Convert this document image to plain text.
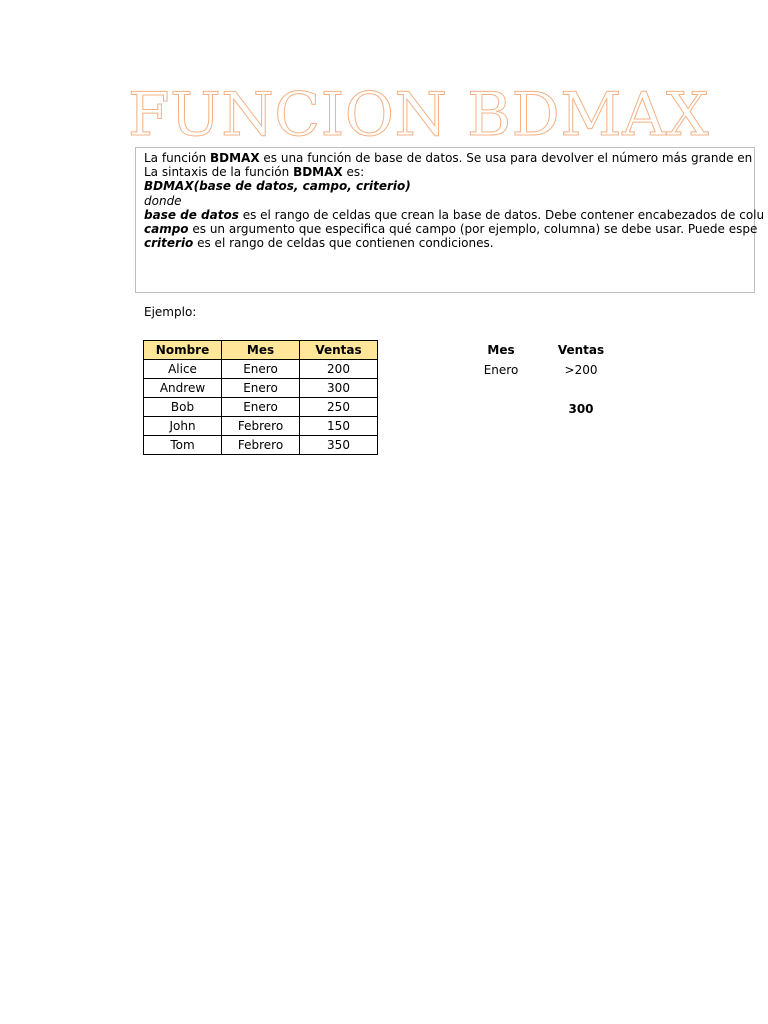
FUNCION BDMAX
La función BDMAX es una función de base de datos. Se usa para devolver el número más grande en
La sintaxis de la función BDMAX es:
BDMAX(base de datos, campo, criterio)
donde
base de datos es el rango de celdas que crean la base de datos. Debe contener encabezados de colu
campo es un argumento que especifica qué campo (por ejemplo, columna) se debe usar. Puede espe
criterio es el rango de celdas que contienen condiciones.
Ejemplo:
Nombre	Mes	Ventas
Alice	Enero	200
Andrew	Enero	300
Bob	Enero	250
John	Febrero	150
Tom	Febrero	350
Mes	Ventas
Enero	>200
300
